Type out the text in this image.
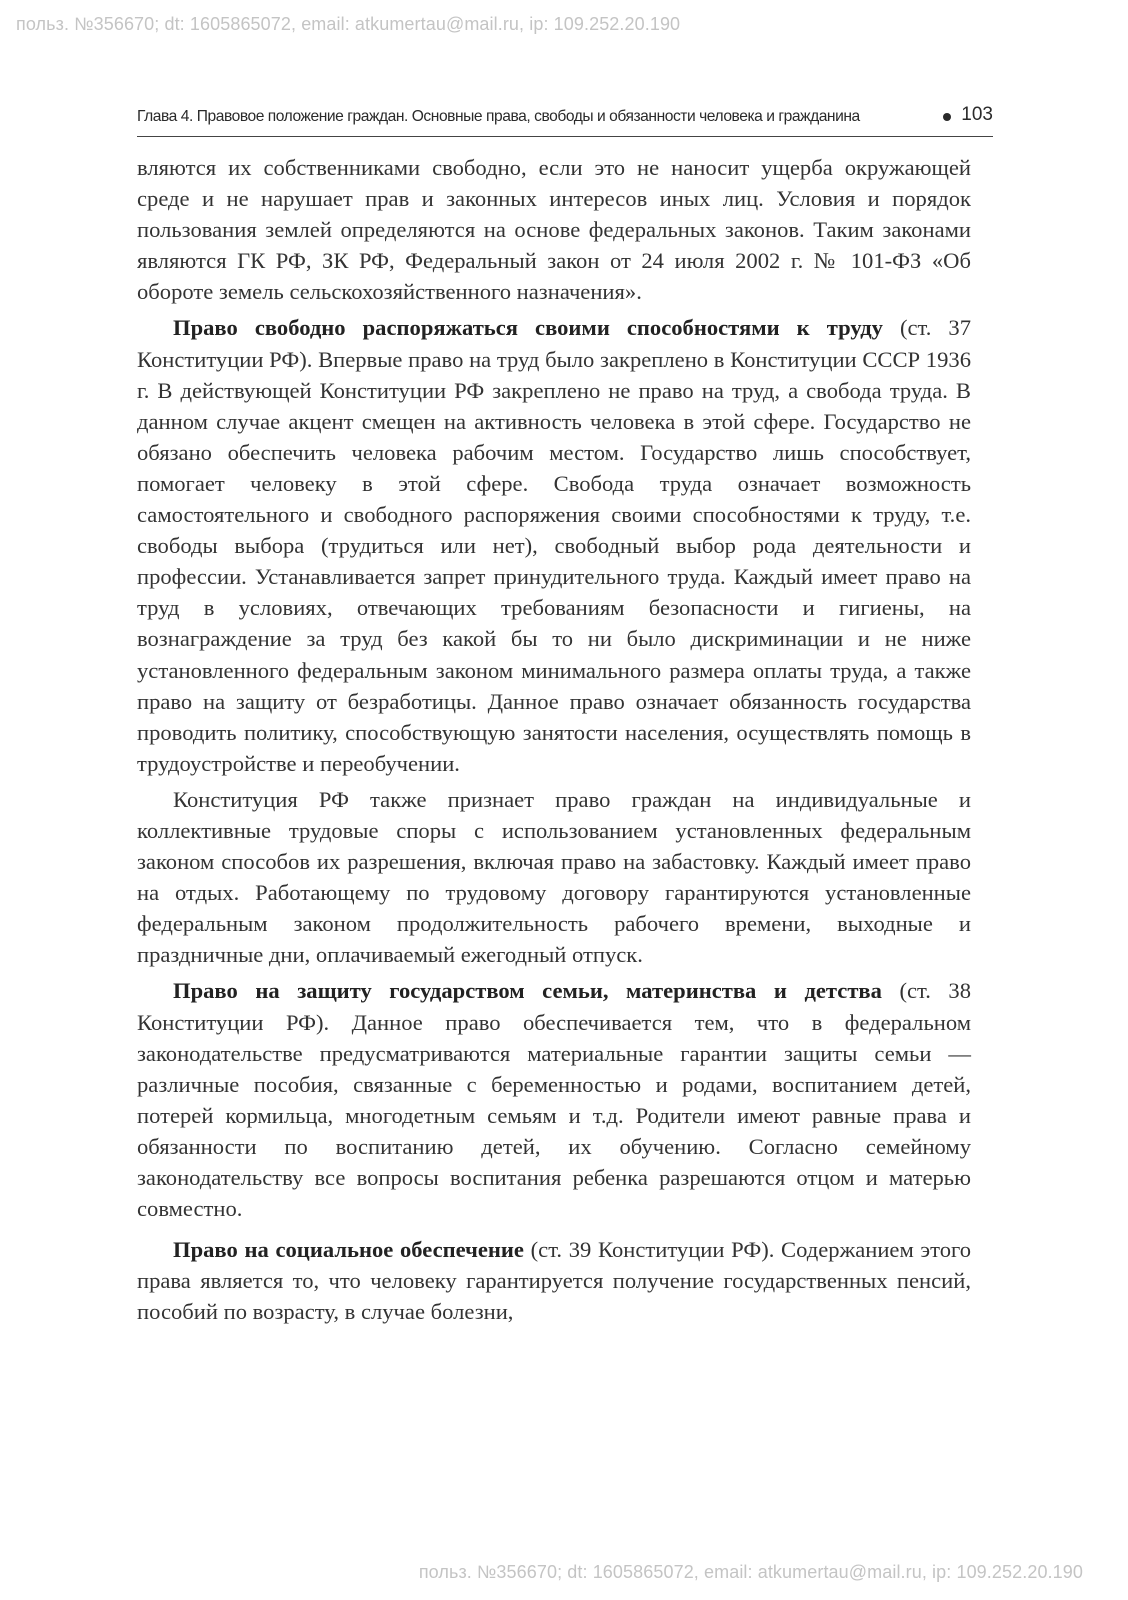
польз. №356670; dt: 1605865072, email: atkumertau@mail.ru, ip: 109.252.20.190
Глава 4. Правовое положение граждан. Основные права, свободы и обязанности человека и гражданина	103

вляются их собственниками свободно, если это не наносит ущерба окружающей среде и не нарушает прав и законных интересов иных лиц. Условия и порядок пользования землей определяются на основе федеральных законов. Таким законами являются ГК РФ, ЗК РФ, Федеральный закон от 24 июля 2002 г. № 101-ФЗ «Об обороте земель сельскохозяйственного назначения».

Право свободно распоряжаться своими способностями к труду (ст. 37 Конституции РФ). Впервые право на труд было закреплено в Конституции СССР 1936 г. В действующей Конституции РФ закреплено не право на труд, а свобода труда. В данном случае акцент смещен на активность человека в этой сфере. Государство не обязано обеспечить человека рабочим местом. Государство лишь способствует, помогает человеку в этой сфере. Свобода труда означает возможность самостоятельного и свободного распоряжения своими способностями к труду, т.е. свободы выбора (трудиться или нет), свободный выбор рода деятельности и профессии. Устанавливается запрет принудительного труда. Каждый имеет право на труд в условиях, отвечающих требованиям безопасности и гигиены, на вознаграждение за труд без какой бы то ни было дискриминации и не ниже установленного федеральным законом минимального размера оплаты труда, а также право на защиту от безработицы. Данное право означает обязанность государства проводить политику, способствующую занятости населения, осуществлять помощь в трудоустройстве и переобучении.

Конституция РФ также признает право граждан на индивидуальные и коллективные трудовые споры с использованием установленных федеральным законом способов их разрешения, включая право на забастовку. Каждый имеет право на отдых. Работающему по трудовому договору гарантируются установленные федеральным законом продолжительность рабочего времени, выходные и праздничные дни, оплачиваемый ежегодный отпуск.

Право на защиту государством семьи, материнства и детства (ст. 38 Конституции РФ). Данное право обеспечивается тем, что в федеральном законодательстве предусматриваются материальные гарантии защиты семьи — различные пособия, связанные с беременностью и родами, воспитанием детей, потерей кормильца, многодетным семьям и т.д. Родители имеют равные права и обязанности по воспитанию детей, их обучению. Согласно семейному законодательству все вопросы воспитания ребенка разрешаются отцом и матерью совместно.

Право на социальное обеспечение (ст. 39 Конституции РФ). Содержанием этого права является то, что человеку гарантируется получение государственных пенсий, пособий по возрасту, в случае болезни,

польз. №356670; dt: 1605865072, email: atkumertau@mail.ru, ip: 109.252.20.190
